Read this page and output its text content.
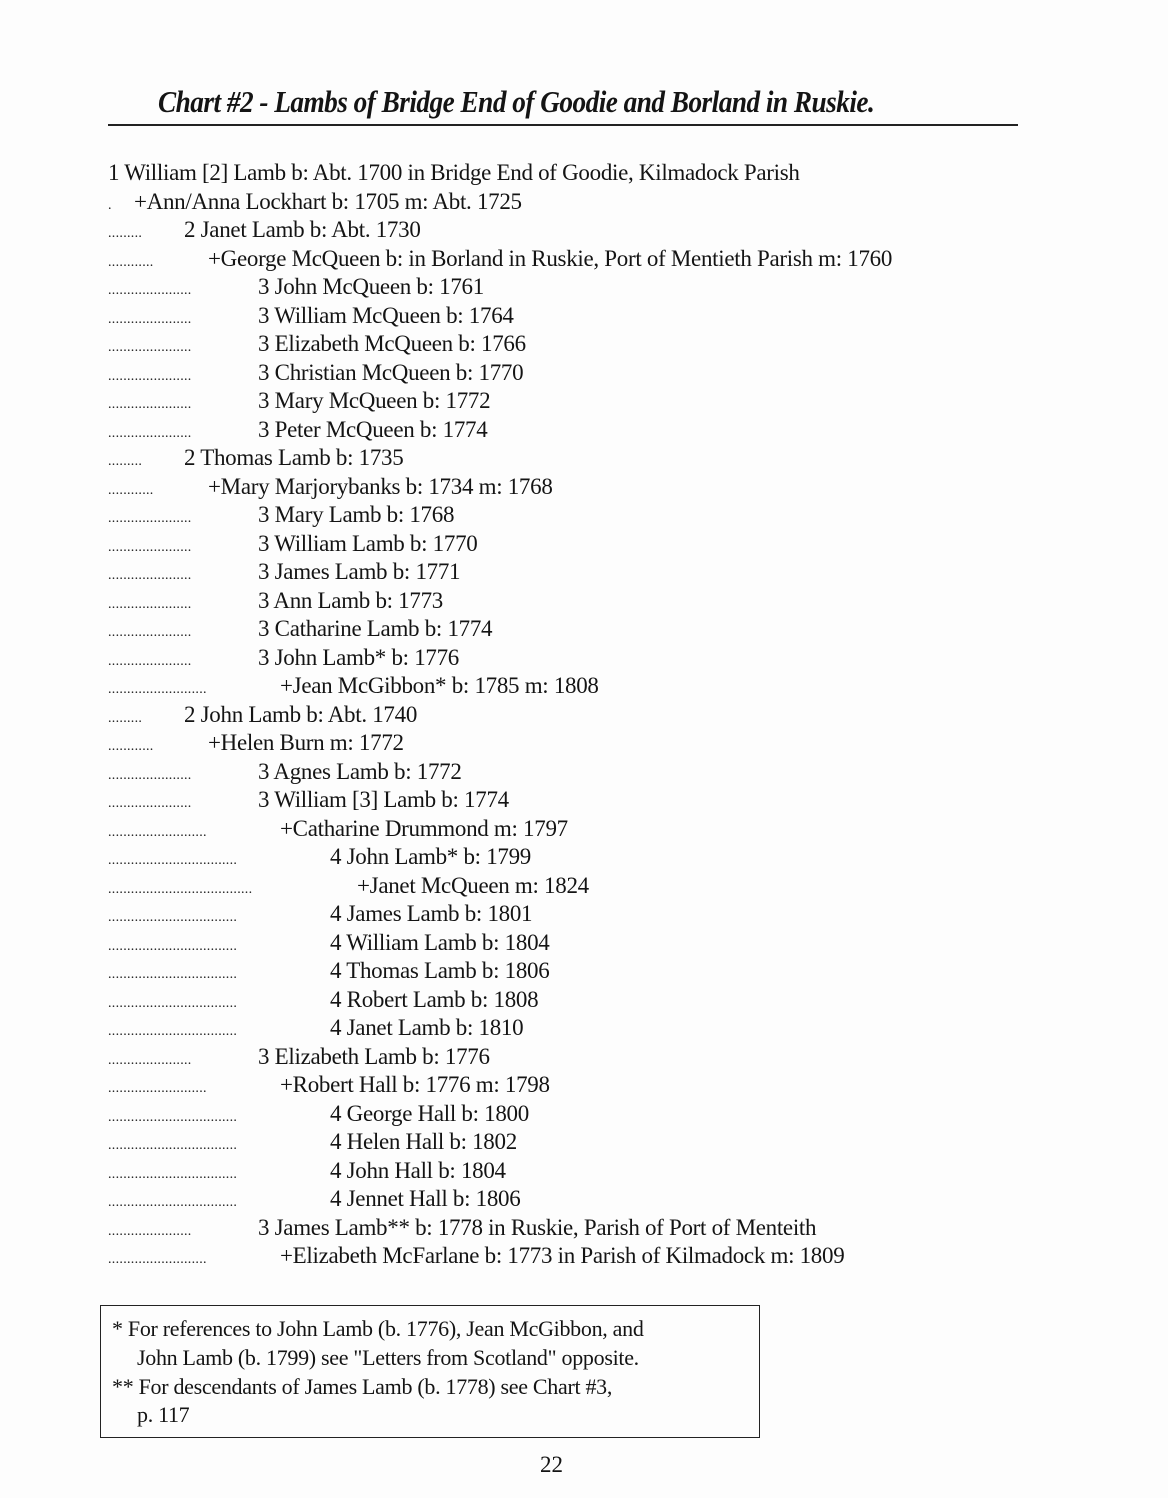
Chart #2 - Lambs of Bridge End of Goodie and Borland in Ruskie.
1 William [2] Lamb b: Abt. 1700 in Bridge End of Goodie, Kilmadock Parish
. +Ann/Anna Lockhart b: 1705 m: Abt. 1725
......... 2 Janet Lamb b: Abt. 1730
............ +George McQueen b: in Borland in Ruskie, Port of Mentieth Parish m: 1760
......................	3 John McQueen b: 1761
......................	3 William McQueen b: 1764
......................	3 Elizabeth McQueen b: 1766
......................	3 Christian McQueen b: 1770
......................	3 Mary McQueen b: 1772
......................	3 Peter McQueen b: 1774
......... 2 Thomas Lamb b: 1735
............ +Mary Marjorybanks b: 1734 m: 1768
......................	3 Mary Lamb b: 1768
......................	3 William Lamb b: 1770
......................	3 James Lamb b: 1771
......................	3 Ann Lamb b: 1773
......................	3 Catharine Lamb b: 1774
......................	3 John Lamb* b: 1776
..........................	+Jean McGibbon* b: 1785 m: 1808
......... 2 John Lamb b: Abt. 1740
............ +Helen Burn m: 1772
......................	3 Agnes Lamb b: 1772
......................	3 William [3] Lamb b: 1774
..........................	+Catharine Drummond m: 1797
..................................	4 John Lamb* b: 1799
......................................	+Janet McQueen m: 1824
..................................	4 James Lamb b: 1801
..................................	4 William Lamb b: 1804
..................................	4 Thomas Lamb b: 1806
..................................	4 Robert Lamb b: 1808
..................................	4 Janet Lamb b: 1810
......................	3 Elizabeth Lamb b: 1776
..........................	+Robert Hall b: 1776 m: 1798
..................................	4 George Hall b: 1800
..................................	4 Helen Hall b: 1802
..................................	4 John Hall b: 1804
..................................	4 Jennet Hall b: 1806
......................	3 James Lamb** b: 1778 in Ruskie, Parish of Port of Menteith
..........................	+Elizabeth McFarlane b: 1773 in Parish of Kilmadock m: 1809
* For references to John Lamb (b. 1776), Jean McGibbon, and
John Lamb (b. 1799) see "Letters from Scotland" opposite.
** For descendants of James Lamb (b. 1778) see Chart #3,
p. 117
22
